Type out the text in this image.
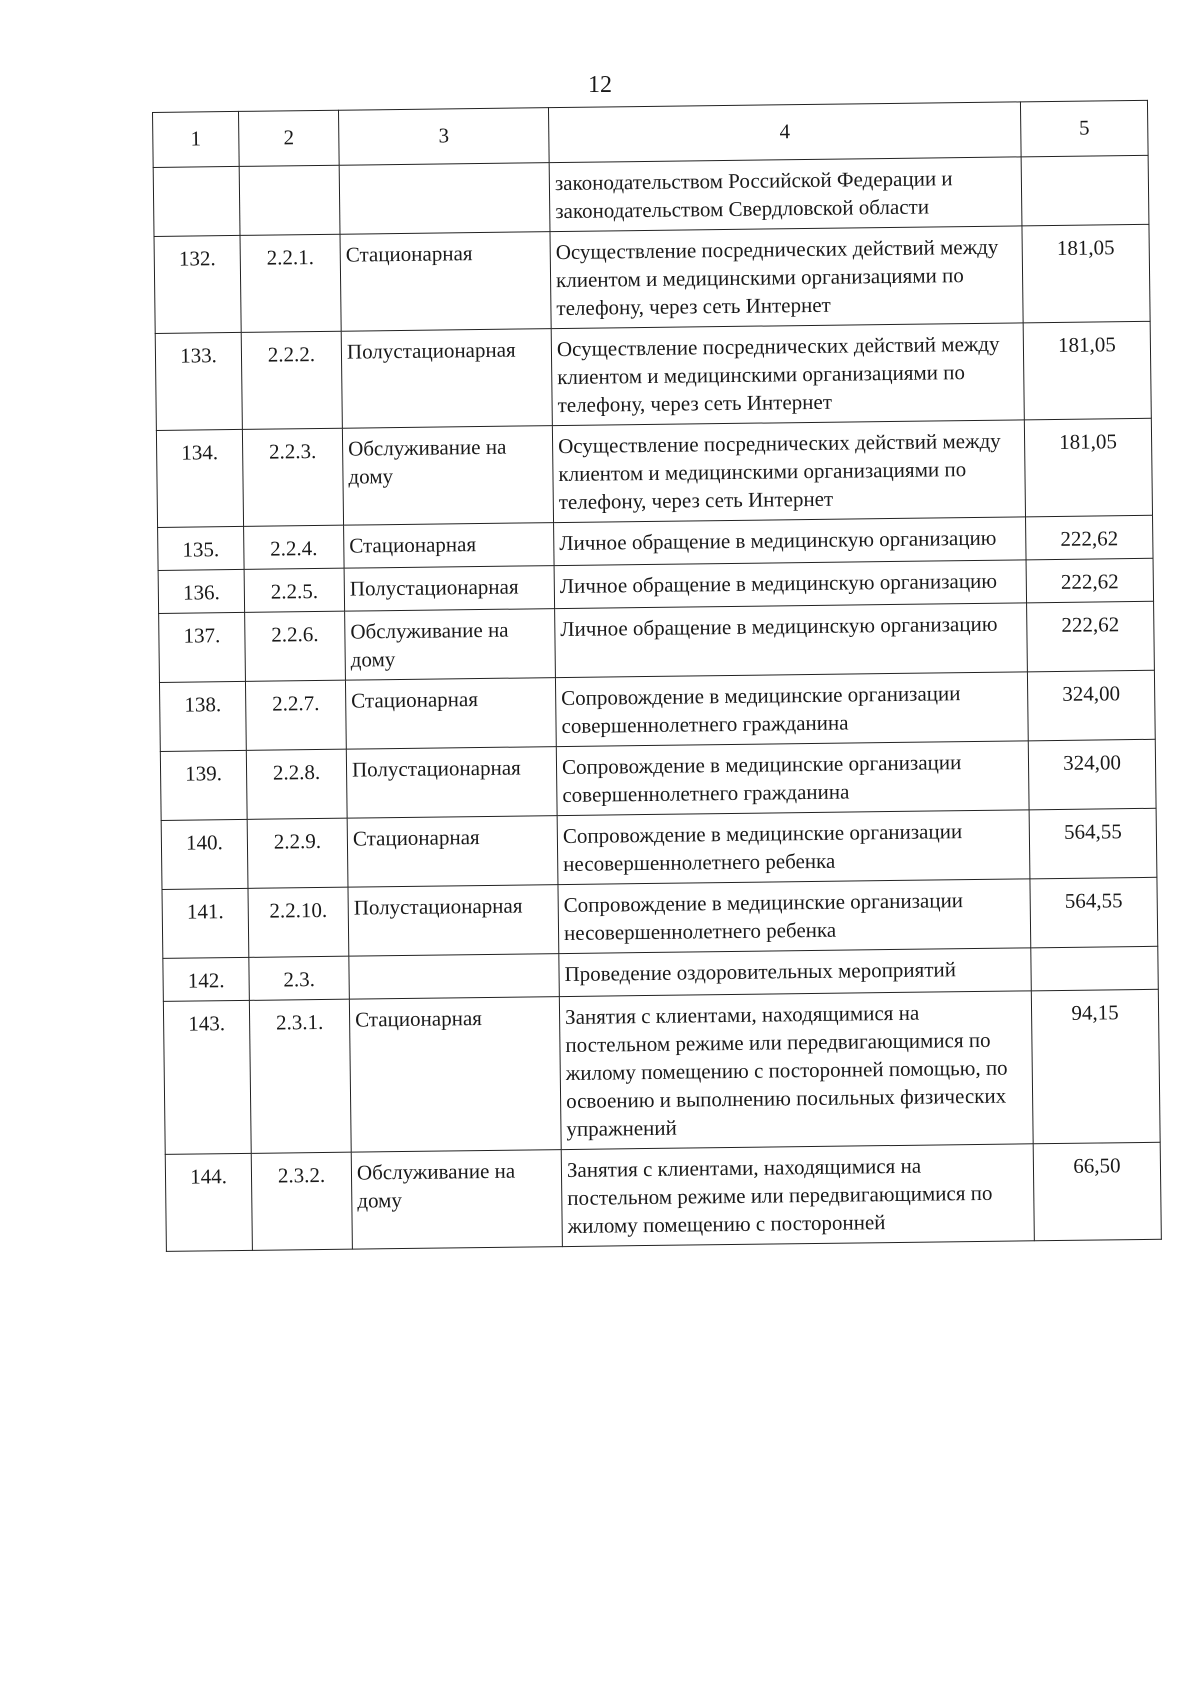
12
1	2	3	4	5
			законодательством Российской Федерации и законодательством Свердловской области	
132.	2.2.1.	Стационарная	Осуществление посреднических действий между клиентом и медицинскими организациями по телефону, через сеть Интернет	181,05
133.	2.2.2.	Полустационарная	Осуществление посреднических действий между клиентом и медицинскими организациями по телефону, через сеть Интернет	181,05
134.	2.2.3.	Обслуживание на дому	Осуществление посреднических действий между клиентом и медицинскими организациями по телефону, через сеть Интернет	181,05
135.	2.2.4.	Стационарная	Личное обращение в медицинскую организацию	222,62
136.	2.2.5.	Полустационарная	Личное обращение в медицинскую организацию	222,62
137.	2.2.6.	Обслуживание на дому	Личное обращение в медицинскую организацию	222,62
138.	2.2.7.	Стационарная	Сопровождение в медицинские организации совершеннолетнего гражданина	324,00
139.	2.2.8.	Полустационарная	Сопровождение в медицинские организации совершеннолетнего гражданина	324,00
140.	2.2.9.	Стационарная	Сопровождение в медицинские организации несовершеннолетнего ребенка	564,55
141.	2.2.10.	Полустационарная	Сопровождение в медицинские организации несовершеннолетнего ребенка	564,55
142.	2.3.		Проведение оздоровительных мероприятий	
143.	2.3.1.	Стационарная	Занятия с клиентами, находящимися на постельном режиме или передвигающимися по жилому помещению с посторонней помощью, по освоению и выполнению посильных физических упражнений	94,15
144.	2.3.2.	Обслуживание на дому	Занятия с клиентами, находящимися на постельном режиме или передвигающимися по жилому помещению с посторонней	66,50
